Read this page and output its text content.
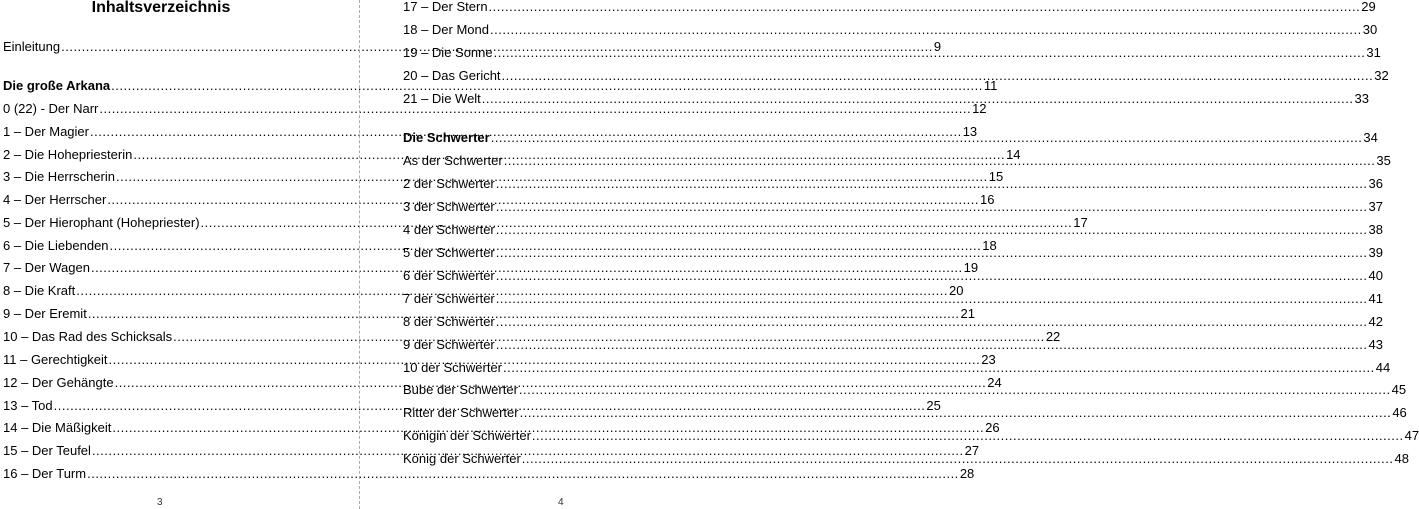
Inhaltsverzeichnis
Einleitung .....	9
Die große Arkana .....	11
0 (22) - Der Narr .....	12
1 – Der Magier .....	13
2 – Die Hohepriesterin .....	14
3 – Die Herrscherin .....	15
4 – Der Herrscher .....	16
5 – Der Hierophant (Hohepriester) .....	17
6 – Die Liebenden .....	18
7 – Der Wagen .....	19
8 – Die Kraft .....	20
9 – Der Eremit .....	21
10 – Das Rad des Schicksals .....	22
11 – Gerechtigkeit .....	23
12 – Der Gehängte .....	24
13 – Tod .....	25
14 – Die Mäßigkeit .....	26
15 – Der Teufel .....	27
16 – Der Turm .....	28
3
17 – Der Stern .....	29
18 – Der Mond .....	30
19 – Die Sonne .....	31
20 – Das Gericht .....	32
21 – Die Welt .....	33
Die Schwerter .....	34
As der Schwerter .....	35
2 der Schwerter .....	36
3 der Schwerter .....	37
4 der Schwerter .....	38
5 der Schwerter .....	39
6 der Schwerter .....	40
7 der Schwerter .....	41
8 der Schwerter .....	42
9 der Schwerter .....	43
10 der Schwerter .....	44
Bube der Schwerter .....	45
Ritter der Schwerter .....	46
Königin der Schwerter .....	47
König der Schwerter .....	48
4
